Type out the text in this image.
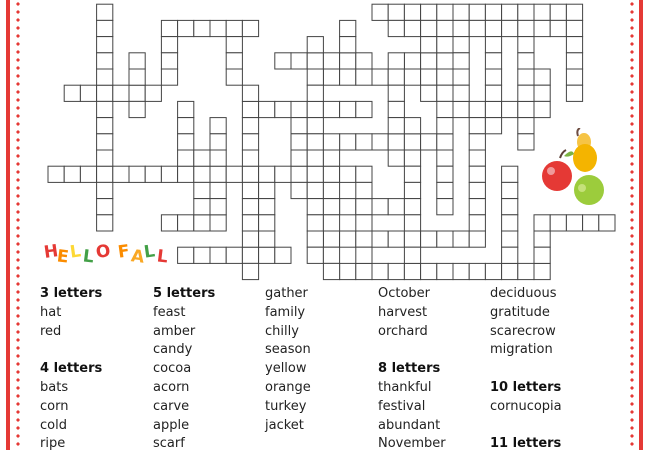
H
E
L L O F
A
L L
3 letters
hat
red
4 letters
bats
corn
cold
ripe
5 letters
feast
amber
candy
cocoa
acorn
carve
apple
scarf
gather
family
chilly
season
yellow
orange
turkey
jacket
October
harvest
orchard
8 letters
thankful
festival
abundant
November
deciduous
gratitude
scarecrow
migration
10 letters
cornucopia
11 letters
